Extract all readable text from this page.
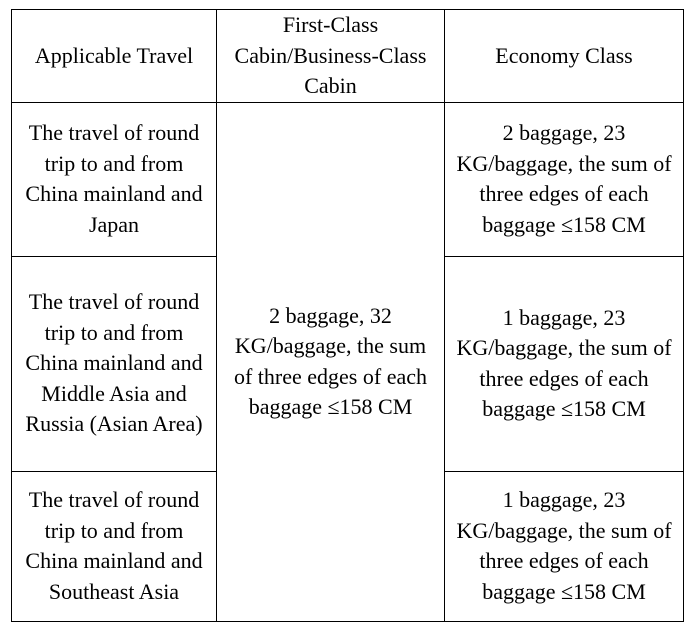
Applicable Travel	First-Class Cabin/Business-Class Cabin	Economy Class
The travel of round trip to and from China mainland and Japan	2 baggage, 32 KG/baggage, the sum of three edges of each baggage ≤158 CM	2 baggage, 23 KG/baggage, the sum of three edges of each baggage ≤158 CM
The travel of round trip to and from China mainland and Middle Asia and Russia (Asian Area)		1 baggage, 23 KG/baggage, the sum of three edges of each baggage ≤158 CM
The travel of round trip to and from China mainland and Southeast Asia		1 baggage, 23 KG/baggage, the sum of three edges of each baggage ≤158 CM
